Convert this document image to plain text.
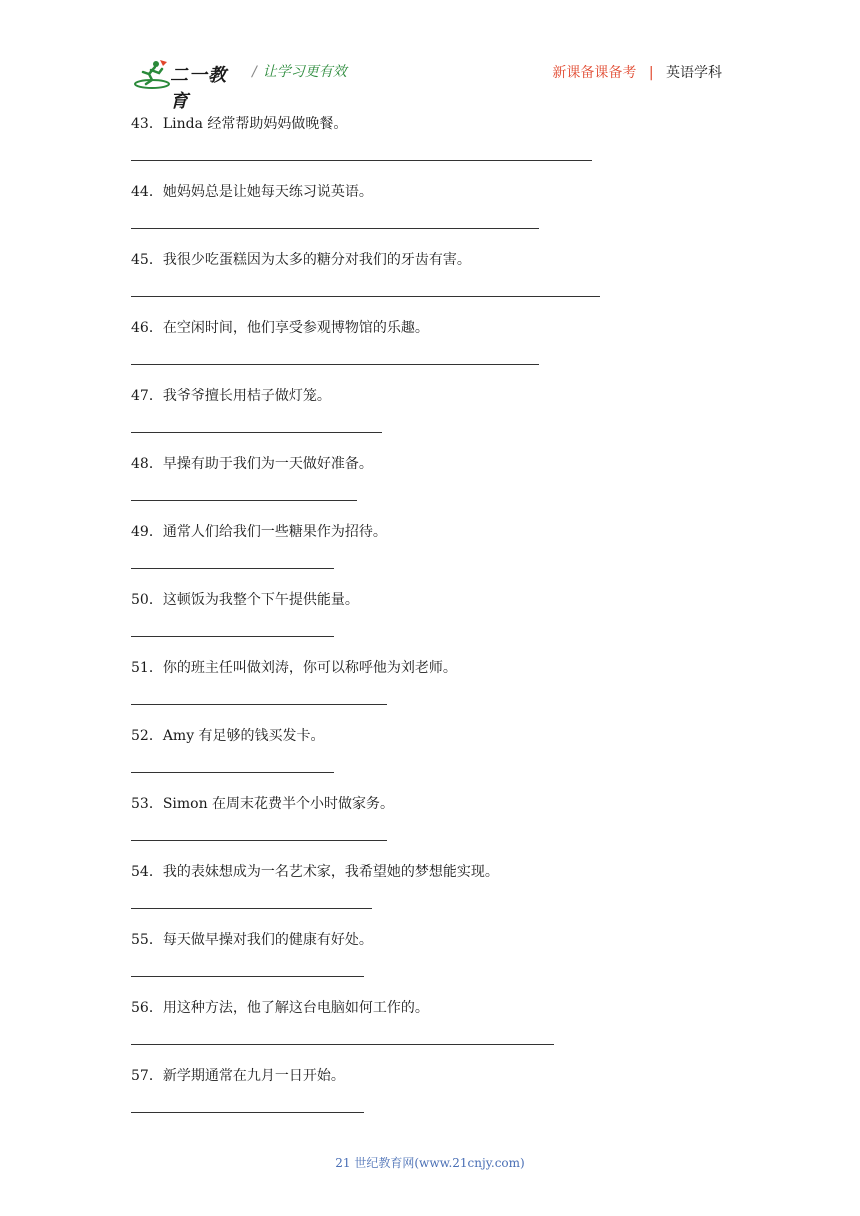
二一教育
/ 让学习更有效	新课备课备考 | 英语学科
43．Linda 经常帮助妈妈做晚餐。
44．她妈妈总是让她每天练习说英语。
45．我很少吃蛋糕因为太多的糖分对我们的牙齿有害。
46．在空闲时间，他们享受参观博物馆的乐趣。
47．我爷爷擅长用桔子做灯笼。
48．早操有助于我们为一天做好准备。
49．通常人们给我们一些糖果作为招待。
50．这顿饭为我整个下午提供能量。
51．你的班主任叫做刘涛，你可以称呼他为刘老师。
52．Amy 有足够的钱买发卡。
53．Simon 在周末花费半个小时做家务。
54．我的表妹想成为一名艺术家，我希望她的梦想能实现。
55．每天做早操对我们的健康有好处。
56．用这种方法，他了解这台电脑如何工作的。
57．新学期通常在九月一日开始。
21 世纪教育网(www.21cnjy.com)
